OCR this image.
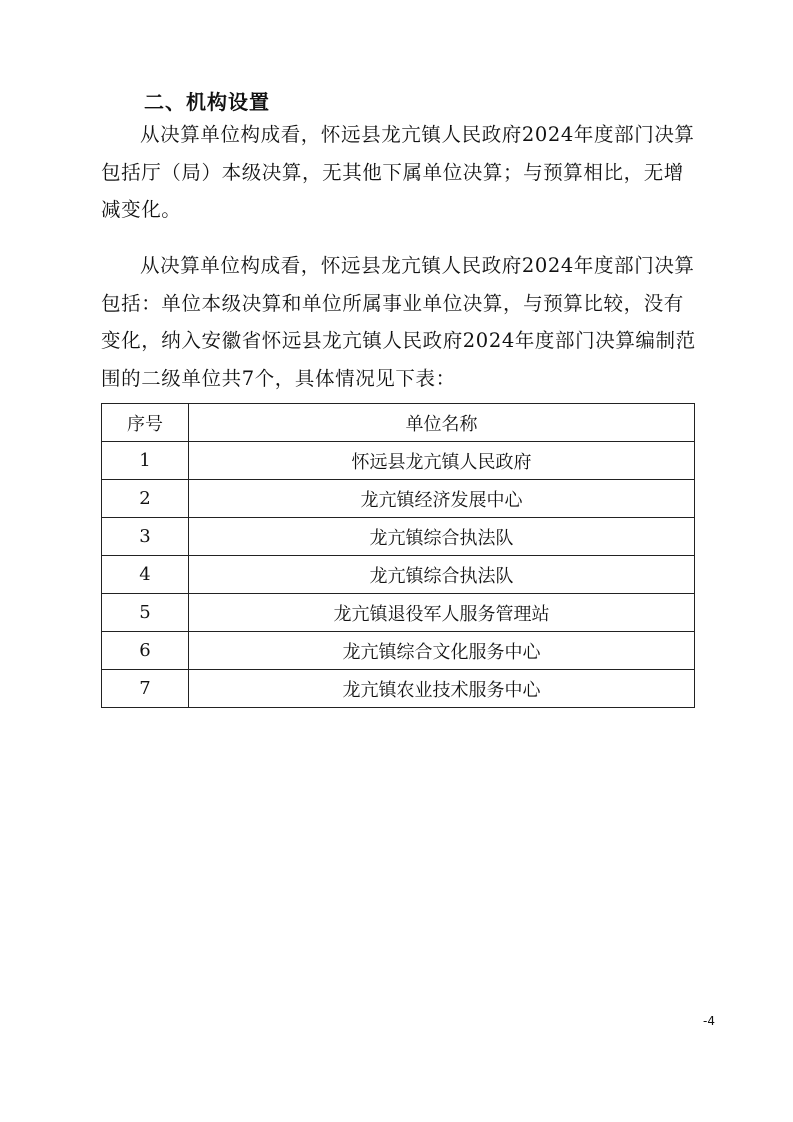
二、机构设置

从决算单位构成看，怀远县龙亢镇人民政府2024年度部门决算包括厅（局）本级决算，无其他下属单位决算；与预算相比，无增减变化。

从决算单位构成看，怀远县龙亢镇人民政府2024年度部门决算包括：单位本级决算和单位所属事业单位决算，与预算比较，没有变化，纳入安徽省怀远县龙亢镇人民政府2024年度部门决算编制范围的二级单位共7个，具体情况见下表：

序号	单位名称
1	怀远县龙亢镇人民政府
2	龙亢镇经济发展中心
3	龙亢镇综合执法队
4	龙亢镇综合执法队
5	龙亢镇退役军人服务管理站
6	龙亢镇综合文化服务中心
7	龙亢镇农业技术服务中心
-4
